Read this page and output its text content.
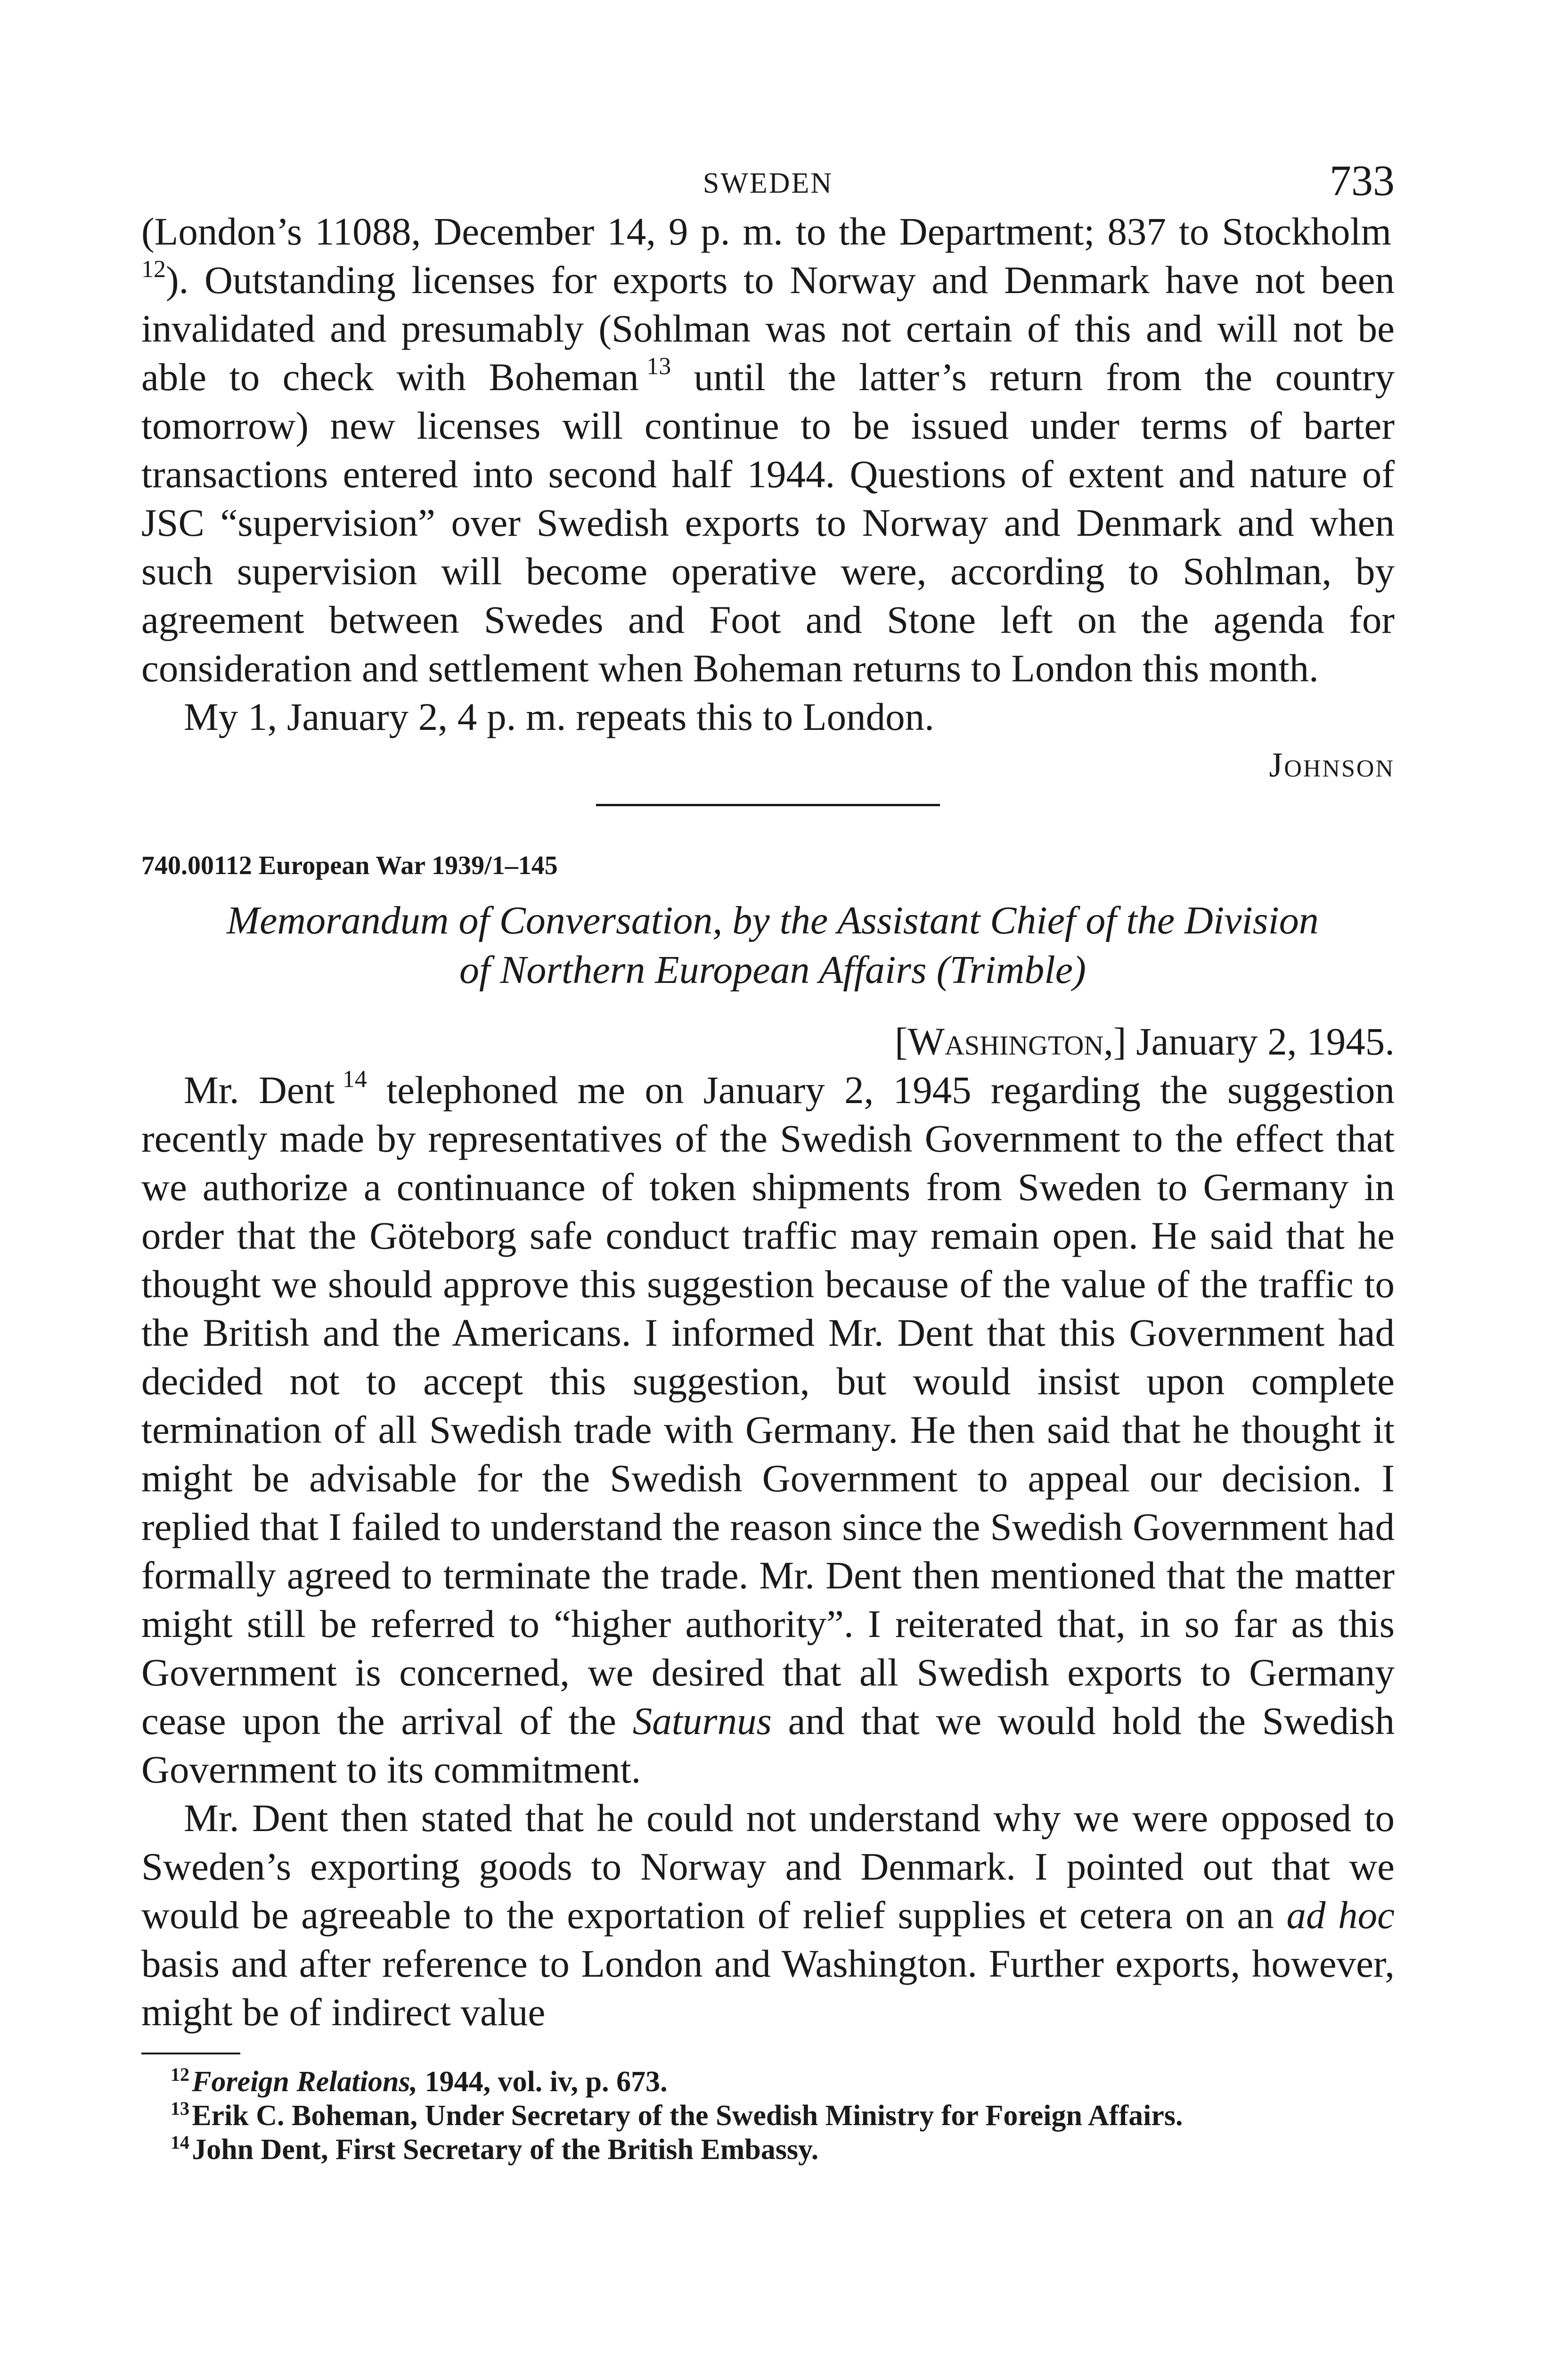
SWEDEN	733

(London’s 11088, December 14, 9 p. m. to the Department; 837 to Stockholm $^{12}$). Outstanding licenses for exports to Norway and Denmark have not been invalidated and presumably (Sohlman was not certain of this and will not be able to check with Boheman  $^{13}$ until the latter’s return from the country tomorrow) new licenses will continue to be issued under terms of barter transactions entered into second half 1944. Questions of extent and nature of JSC “supervision” over Swedish exports to Norway and Denmark and when such supervision will become operative were, according to Sohlman, by agreement between Swedes and Foot and Stone left on the agenda for consideration and settlement when Boheman returns to London this month.

My 1, January 2, 4 p. m. repeats this to London.

Johnson

740.00112 European War 1939/1–145
Memorandum of Conversation, by the Assistant Chief of the Division
of Northern European Affairs (Trimble)
[Washington,] January 2, 1945.

Mr. Dent  $^{14}$ telephoned me on January 2, 1945 regarding the suggestion recently made by representatives of the Swedish Government to the effect that we authorize a continuance of token shipments from Sweden to Germany in order that the Göteborg safe conduct traffic may remain open. He said that he thought we should approve this suggestion because of the value of the traffic to the British and the Americans. I informed Mr. Dent that this Government had decided not to accept this suggestion, but would insist upon complete termination of all Swedish trade with Germany. He then said that he thought it might be advisable for the Swedish Government to appeal our decision. I replied that I failed to understand the reason since the Swedish Government had formally agreed to terminate the trade. Mr. Dent then mentioned that the matter might still be referred to “higher authority”. I reiterated that, in so far as this Government is concerned, we desired that all Swedish exports to Germany cease upon the arrival of the Saturnus and that we would hold the Swedish Government to its commitment.

Mr. Dent then stated that he could not understand why we were opposed to Sweden’s exporting goods to Norway and Denmark. I pointed out that we would be agreeable to the exportation of relief supplies et cetera on an ad hoc basis and after reference to London and Washington. Further exports, however, might be of indirect value

$^{12}$ Foreign Relations, 1944, vol. iv, p. 673.

$^{13}$ Erik C. Boheman, Under Secretary of the Swedish Ministry for Foreign Affairs.

$^{14}$ John Dent, First Secretary of the British Embassy.
